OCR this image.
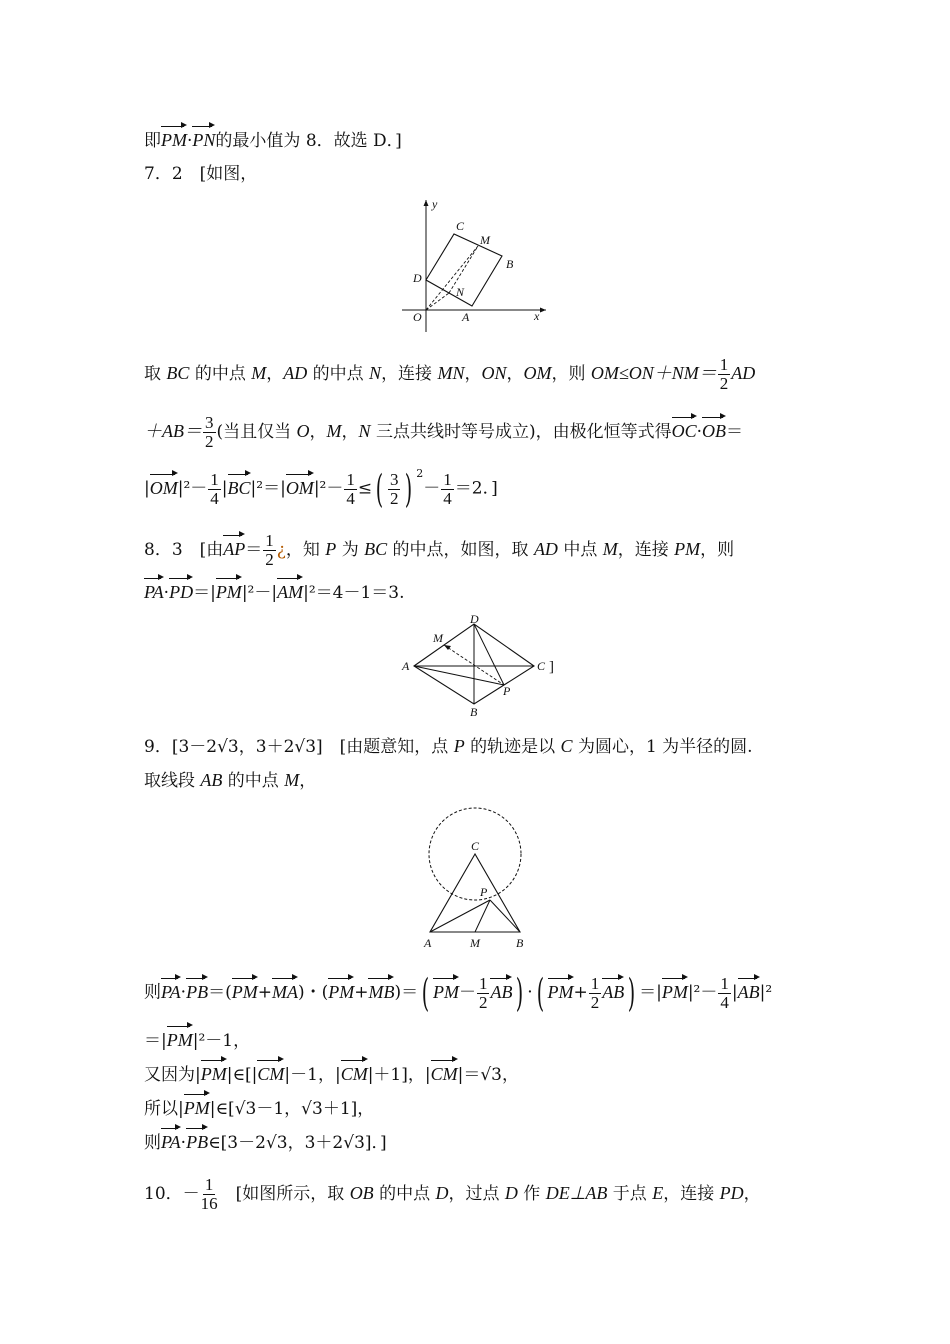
即PM·PN的最小值为 8．故选 D．]
7．2　[如图，
y
x
O	A
B
C
D
M
N
取 BC 的中点 M，AD 的中点 N，连接 MN，ON，OM，则 $OM\le ON+NM= \frac{1}{2}$ AD
$+AB= \frac{3}{2}$ (当且仅当 O，M，N 三点共线时等号成立)，由极化恒等式得OC·OB＝
$|OM|^2- \frac{1}{4} |BC|^2=|OM|^2- \frac{1}{4}$ ≤( $\frac{3}{2}$ ) $^2- \frac{1}{4} =2$．]
8．3　[由$AP= \frac{1}{2}$ ¿，知 P 为 BC 的中点，如图，取 AD 中点 M，连接 PM，则
PA·PD＝|PM|²－|AM|²＝4－1＝3.
A
B
C
D
M
P
]
9．[3－2√3，3＋2√3]　[由题意知，点 P 的轨迹是以 C 为圆心，1 为半径的圆.
取线段 AB 的中点 M，
C
P
A	M	B
则PA·PB＝(PM+MA)・(PM+MB)＝( $PM- \frac{1}{2} AB$) ·( $PM+ \frac{1}{2} AB) =|PM|^2- \frac{1}{4} |AB|^2$
＝|PM|²－1，
又因为|PM|∈[|CM|－1，|CM|＋1]，|CM|＝√3，
所以|PM|∈[√3－1，√3＋1]，
则PA·PB∈[3－2√3，3＋2√3]．]
10．－ $\frac{1}{16}$ 　[如图所示，取 OB 的中点 D，过点 D 作 DE⊥AB 于点 E，连接 PD，
